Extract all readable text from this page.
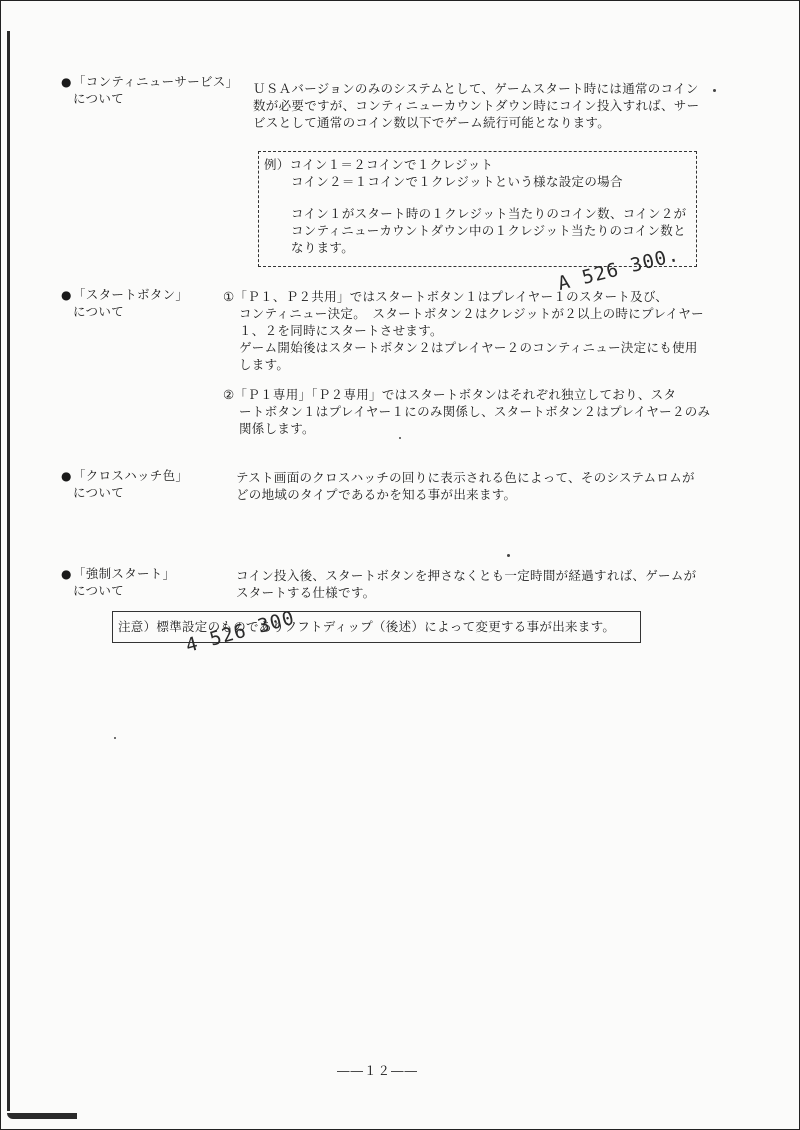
● 「コンティニューサービス」
について
ＵＳＡバージョンのみのシステムとして、ゲームスタート時には通常のコイン
数が必要ですが、コンティニューカウントダウン時にコイン投入すれば、サー
ビスとして通常のコイン数以下でゲーム続行可能となります。
例）コイン１＝２コインで１クレジット
コイン２＝１コインで１クレジットという様な設定の場合
コイン１がスタート時の１クレジット当たりのコイン数、コイン２が
コンティニューカウントダウン中の１クレジット当たりのコイン数と
なります。
● 「スタートボタン」
について
①「Ｐ１、Ｐ２共用」ではスタートボタン１はプレイヤー１のスタート及び、
コンティニュー決定。　スタートボタン２はクレジットが２以上の時にプレイヤー
１、２を同時にスタートさせます。
ゲーム開始後はスタートボタン２はプレイヤー２のコンティニュー決定にも使用
します。
②「Ｐ１専用」「Ｐ２専用」ではスタートボタンはそれぞれ独立しており、スタ
ートボタン１はプレイヤー１にのみ関係し、スタートボタン２はプレイヤー２のみ
関係します。
● 「クロスハッチ色」
について
テスト画面のクロスハッチの回りに表示される色によって、そのシステムロムが
どの地域のタイプであるかを知る事が出来ます。
● 「強制スタート」
について
コイン投入後、スタートボタンを押さなくとも一定時間が経過すれば、ゲームが
スタートする仕様です。
注意）標準設定のものでありソフトディップ（後述）によって変更する事が出来ます。
A 526 300.
4 526 300
――１２――
